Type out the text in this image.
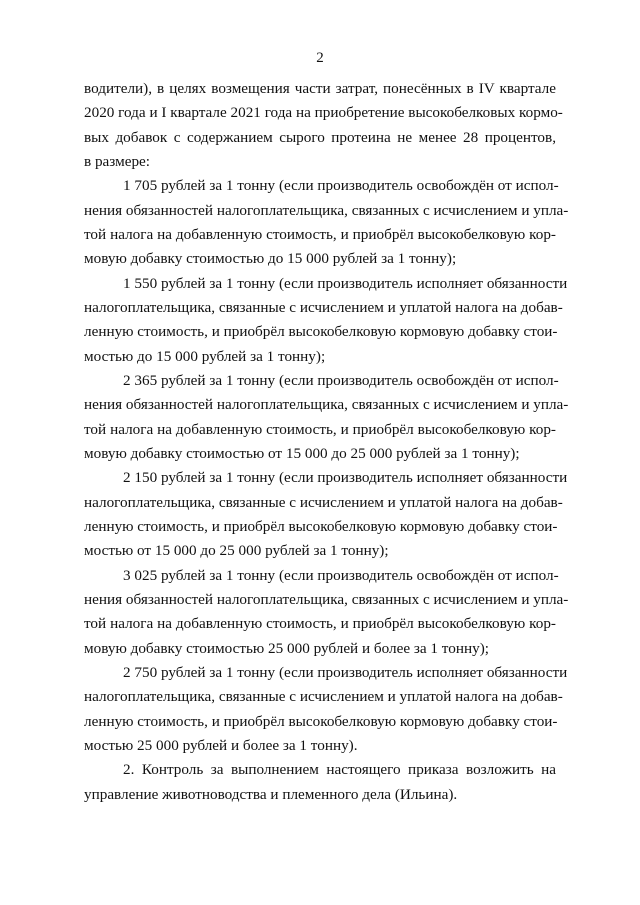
2
водители), в целях возмещения части затрат, понесённых в IV квартале
2020 года и I квартале 2021 года на приобретение высокобелковых кормо-
вых добавок с содержанием сырого протеина не менее 28 процентов,
в размере:
1 705 рублей за 1 тонну (если производитель освобождён от испол-
нения обязанностей налогоплательщика, связанных с исчислением и упла-
той налога на добавленную стоимость, и приобрёл высокобелковую кор-
мовую добавку стоимостью до 15 000 рублей за 1 тонну);
1 550 рублей за 1 тонну (если производитель исполняет обязанности
налогоплательщика, связанные с исчислением и уплатой налога на добав-
ленную стоимость, и приобрёл высокобелковую кормовую добавку стои-
мостью до 15 000 рублей за 1 тонну);
2 365 рублей за 1 тонну (если производитель освобождён от испол-
нения обязанностей налогоплательщика, связанных с исчислением и упла-
той налога на добавленную стоимость, и приобрёл высокобелковую кор-
мовую добавку стоимостью от 15 000 до 25 000 рублей за 1 тонну);
2 150 рублей за 1 тонну (если производитель исполняет обязанности
налогоплательщика, связанные с исчислением и уплатой налога на добав-
ленную стоимость, и приобрёл высокобелковую кормовую добавку стои-
мостью от 15 000 до 25 000 рублей за 1 тонну);
3 025 рублей за 1 тонну (если производитель освобождён от испол-
нения обязанностей налогоплательщика, связанных с исчислением и упла-
той налога на добавленную стоимость, и приобрёл высокобелковую кор-
мовую добавку стоимостью 25 000 рублей и более за 1 тонну);
2 750 рублей за 1 тонну (если производитель исполняет обязанности
налогоплательщика, связанные с исчислением и уплатой налога на добав-
ленную стоимость, и приобрёл высокобелковую кормовую добавку стои-
мостью 25 000 рублей и более за 1 тонну).
2. Контроль за выполнением настоящего приказа возложить на
управление животноводства и племенного дела (Ильина).
